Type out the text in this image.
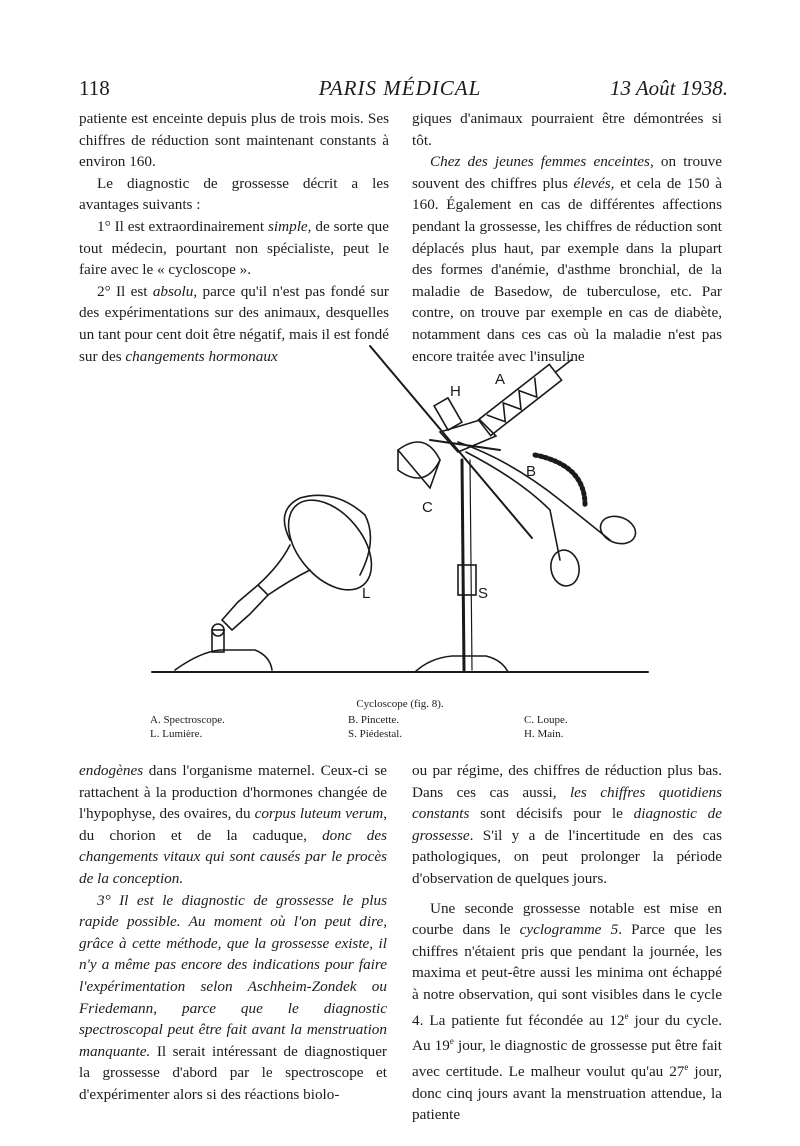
118	PARIS MÉDICAL	13 Août 1938.

patiente est enceinte depuis plus de trois mois. Ses chiffres de réduction sont maintenant constants à environ 160.

Le diagnostic de grossesse décrit a les avantages suivants :

1° Il est extraordinairement simple, de sorte que tout médecin, pourtant non spécialiste, peut le faire avec le « cycloscope ».

2° Il est absolu, parce qu'il n'est pas fondé sur des expérimentations sur des animaux, desquelles un tant pour cent doit être négatif, mais il est fondé sur des changements hormonaux

giques d'animaux pourraient être démontrées si tôt.

Chez des jeunes femmes enceintes, on trouve souvent des chiffres plus élevés, et cela de 150 à 160. Également en cas de différentes affections pendant la grossesse, les chiffres de réduction sont déplacés plus haut, par exemple dans la plupart des formes d'anémie, d'asthme bronchial, de la maladie de Basedow, de tuberculose, etc. Par contre, on trouve par exemple en cas de diabète, notamment dans ces cas où la maladie n'est pas encore traitée avec l'insuline

A
H
B
C
L	S
Cycloscope (fig. 8).
A. Spectroscope.	B. Pincette.	C. Loupe.
L. Lumière.	S. Piédestal.	H. Main.

endogènes dans l'organisme maternel. Ceux-ci se rattachent à la production d'hormones changée de l'hypophyse, des ovaires, du corpus luteum verum, du chorion et de la caduque, donc des changements vitaux qui sont causés par le procès de la conception.

3° Il est le diagnostic de grossesse le plus rapide possible. Au moment où l'on peut dire, grâce à cette méthode, que la grossesse existe, il n'y a même pas encore des indications pour faire l'expérimentation selon Aschheim-Zondek ou Friedemann, parce que le diagnostic spectroscopal peut être fait avant la menstruation manquante. Il serait intéressant de diagnostiquer la grossesse d'abord par le spectroscope et d'expérimenter alors si des réactions biolo-

ou par régime, des chiffres de réduction plus bas. Dans ces cas aussi, les chiffres quotidiens constants sont décisifs pour le diagnostic de grossesse. S'il y a de l'incertitude en des cas pathologiques, on peut prolonger la période d'observation de quelques jours.

Une seconde grossesse notable est mise en courbe dans le cyclogramme 5. Parce que les chiffres n'étaient pris que pendant la journée, les maxima et peut-être aussi les minima ont échappé à notre observation, qui sont visibles dans le cycle 4. La patiente fut fécondée au 12e jour du cycle. Au 19e jour, le diagnostic de grossesse put être fait avec certitude. Le malheur voulut qu'au 27e jour, donc cinq jours avant la menstruation attendue, la patiente
